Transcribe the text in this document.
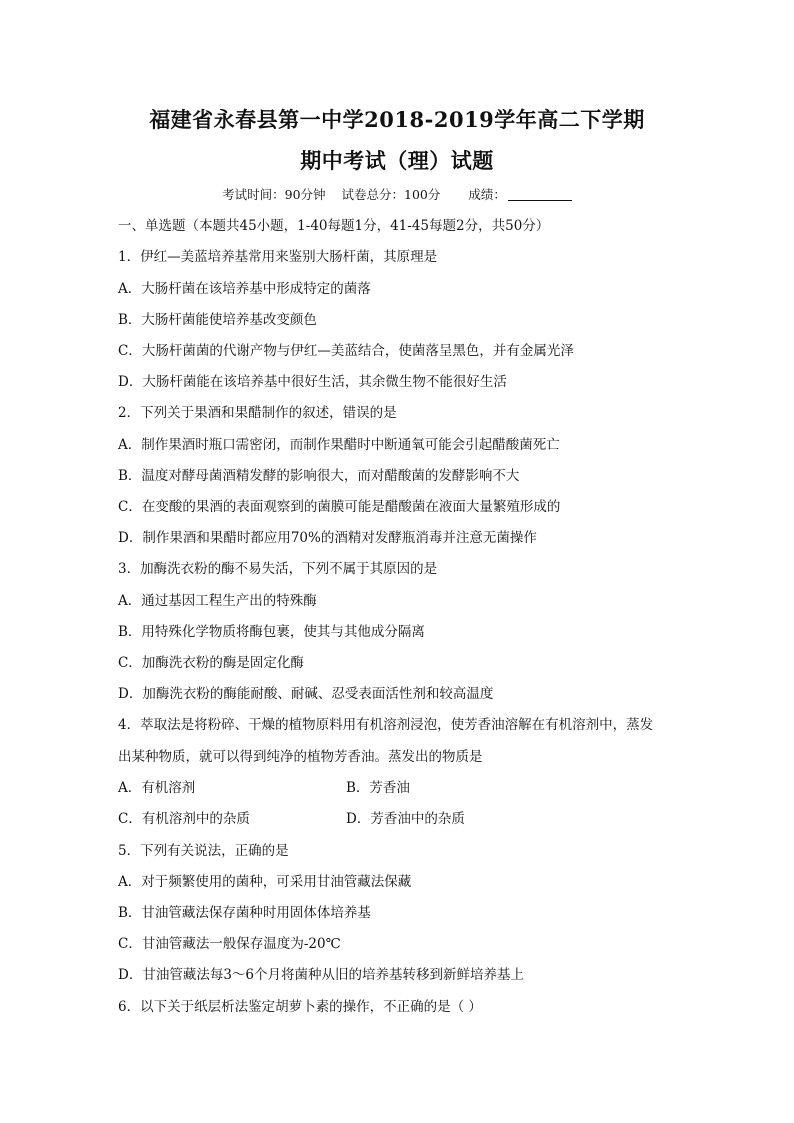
福建省永春县第一中学2018-2019学年高二下学期
期中考试（理）试题
考试时间：90分钟 试卷总分：100分 成绩：
一、单选题（本题共45小题，1-40每题1分，41-45每题2分，共50分）
1．伊红—美蓝培养基常用来鉴别大肠杆菌，其原理是
A．大肠杆菌在该培养基中形成特定的菌落
B．大肠杆菌能使培养基改变颜色
C．大肠杆菌菌的代谢产物与伊红—美蓝结合，使菌落呈黑色，并有金属光泽
D．大肠杆菌能在该培养基中很好生活，其余微生物不能很好生活
2．下列关于果酒和果醋制作的叙述，错误的是
A．制作果酒时瓶口需密闭，而制作果醋时中断通氧可能会引起醋酸菌死亡
B．温度对酵母菌酒精发酵的影响很大，而对醋酸菌的发酵影响不大
C．在变酸的果酒的表面观察到的菌膜可能是醋酸菌在液面大量繁殖形成的
D．制作果酒和果醋时都应用70%的酒精对发酵瓶消毒并注意无菌操作
3．加酶洗衣粉的酶不易失活，下列不属于其原因的是
A．通过基因工程生产出的特殊酶
B．用特殊化学物质将酶包裹，使其与其他成分隔离
C．加酶洗衣粉的酶是固定化酶
D．加酶洗衣粉的酶能耐酸、耐碱、忍受表面活性剂和较高温度
4．萃取法是将粉碎、干燥的植物原料用有机溶剂浸泡，使芳香油溶解在有机溶剂中，蒸发
出某种物质，就可以得到纯净的植物芳香油。蒸发出的物质是
A．有机溶剂	B．芳香油
C．有机溶剂中的杂质	D．芳香油中的杂质
5．下列有关说法，正确的是
A．对于频繁使用的菌种，可采用甘油管藏法保藏
B．甘油管藏法保存菌种时用固体体培养基
C．甘油管藏法一般保存温度为-20℃
D．甘油管藏法每3～6个月将菌种从旧的培养基转移到新鲜培养基上
6．以下关于纸层析法鉴定胡萝卜素的操作，不正确的是（ ）
